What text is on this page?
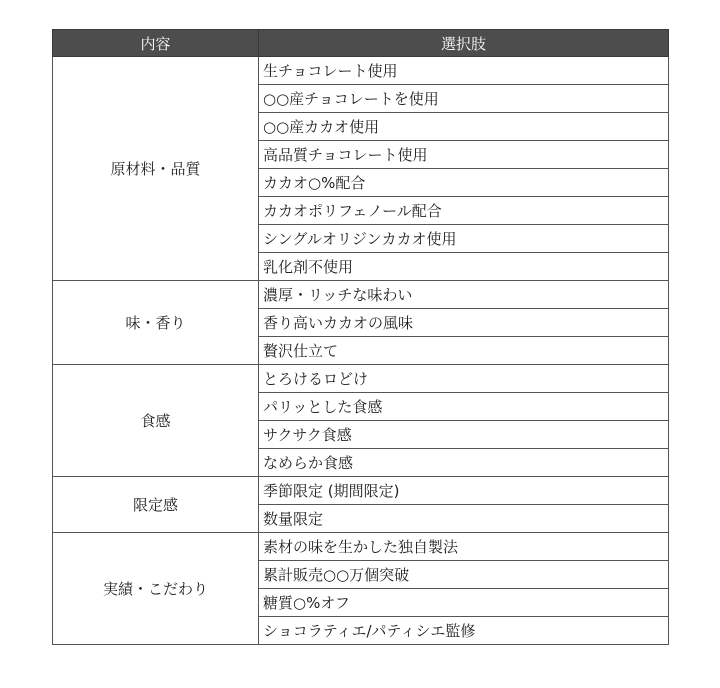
内容	選択肢
原材料・品質	生チョコレート使用
	○○産チョコレートを使用
	○○産カカオ使用
	高品質チョコレート使用
	カカオ○%配合
	カカオポリフェノール配合
	シングルオリジンカカオ使用
	乳化剤不使用
味・香り	濃厚・リッチな味わい
	香り高いカカオの風味
	贅沢仕立て
食感	とろけるロどけ
	パリッとした食感
	サクサク食感
	なめらか食感
限定感	季節限定 (期間限定)
	数量限定
実績・こだわり	素材の味を生かした独自製法
	累計販売○○万個突破
	糖質○%オフ
	ショコラティエ/パティシエ監修
